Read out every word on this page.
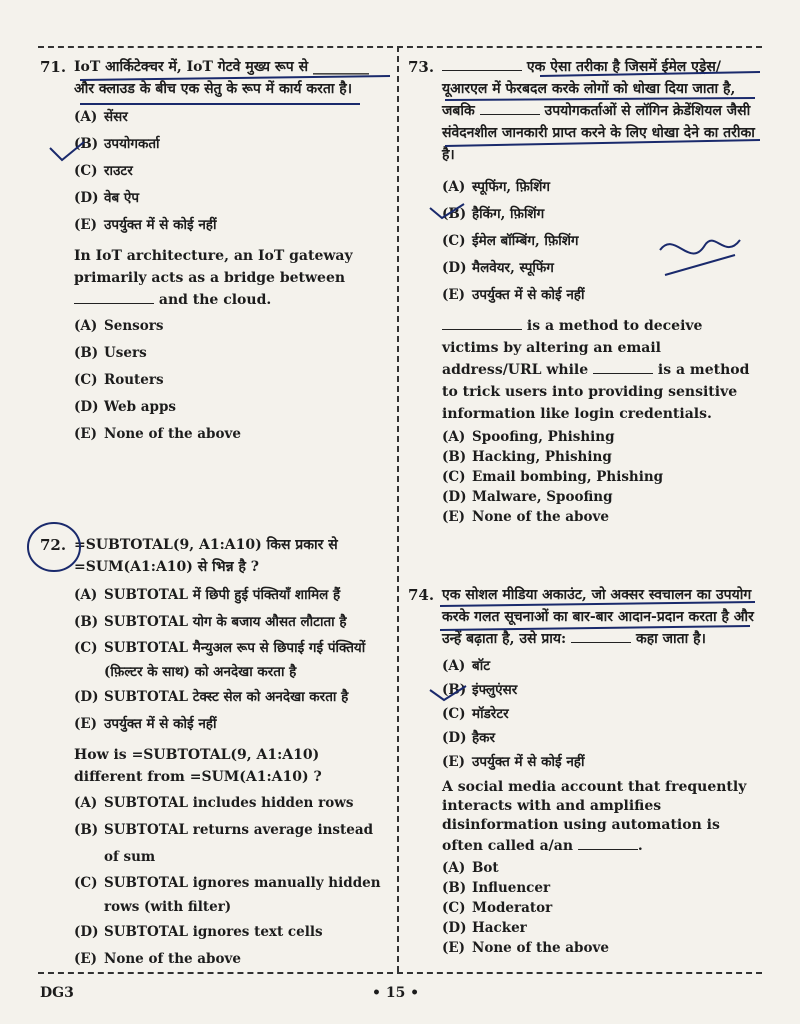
71. IoT आर्किटेक्चर में, IoT गेटवे मुख्य रूप से ________ और क्लाउड के बीच एक सेतु के रूप में कार्य करता है।
(A) सेंसर
(B) उपयोगकर्ता
(C) राउटर
(D) वेब ऐप
(E) उपर्युक्त में से कोई नहीं
In IoT architecture, an IoT gateway primarily acts as a bridge between  and the cloud.
(A) Sensors
(B) Users
(C) Routers
(D) Web apps
(E) None of the above
72. =SUBTOTAL(9, A1:A10) किस प्रकार से =SUM(A1:A10) से भिन्न है ?
(A) SUBTOTAL में छिपी हुई पंक्तियाँ शामिल हैं
(B) SUBTOTAL योग के बजाय औसत लौटाता है
(C) SUBTOTAL मैन्युअल रूप से छिपाई गई पंक्तियों (फ़िल्टर के साथ) को अनदेखा करता है
(D) SUBTOTAL टेक्स्ट सेल को अनदेखा करता है
(E) उपर्युक्त में से कोई नहीं
How is =SUBTOTAL(9, A1:A10) different from =SUM(A1:A10) ?
(A) SUBTOTAL includes hidden rows
(B) SUBTOTAL returns average instead of sum
(C) SUBTOTAL ignores manually hidden rows (with filter)
(D) SUBTOTAL ignores text cells
(E) None of the above
73.	एक ऐसा तरीका है जिसमें ईमेल एड्रेस/यूआरएल में फेरबदल करके लोगों को धोखा दिया जाता है, जबकि	उपयोगकर्ताओं से लॉगिन क्रेडेंशियल जैसी संवेदनशील जानकारी प्राप्त करने के लिए धोखा देने का तरीका है।
(A) स्पूफिंग, फ़िशिंग
(B) हैकिंग, फ़िशिंग
(C) ईमेल बॉम्बिंग, फ़िशिंग
(D) मैलवेयर, स्पूफिंग
(E) उपर्युक्त में से कोई नहीं
is a method to deceive victims by altering an email address/URL while	is a method to trick users into providing sensitive information like login credentials.
(A) Spoofing, Phishing
(B) Hacking, Phishing
(C) Email bombing, Phishing
(D) Malware, Spoofing
(E) None of the above
74. एक सोशल मीडिया अकाउंट, जो अक्सर स्वचालन का उपयोग करके गलत सूचनाओं का बार-बार आदान-प्रदान करता है और उन्हें बढ़ाता है, उसे प्राय:	कहा जाता है।
(A) बॉट
(B) इंफ्लुएंसर
(C) मॉडरेटर
(D) हैकर
(E) उपर्युक्त में से कोई नहीं
A social media account that frequently interacts with and amplifies disinformation using automation is often called a/an	.
(A) Bot
(B) Influencer
(C) Moderator
(D) Hacker
(E) None of the above
DG3	• 15 •
